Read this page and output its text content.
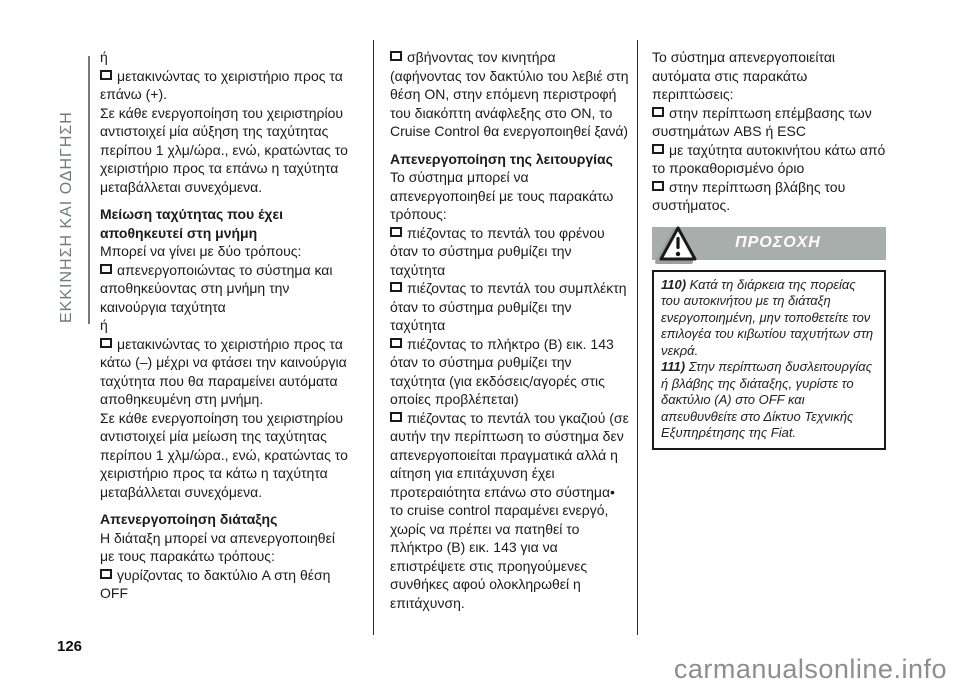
ΕΚΚΙΝΗΣΗ ΚΑΙ ΟΔΗΓΗΣΗ
126

ή

μετακινώντας το χειριστήριο προς τα επάνω (+).

Σε κάθε ενεργοποίηση του χειριστηρίου αντιστοιχεί μία αύξηση της ταχύτητας περίπου 1 χλμ/ώρα., ενώ, κρατώντας το χειριστήριο προς τα επάνω η ταχύτητα μεταβάλλεται συνεχόμενα.

Μείωση ταχύτητας που έχει αποθηκευτεί στη μνήμη

Μπορεί να γίνει με δύο τρόπους:

απενεργοποιώντας το σύστημα και αποθηκεύοντας στη μνήμη την καινούργια ταχύτητα

ή

μετακινώντας το χειριστήριο προς τα κάτω (–) μέχρι να φτάσει την καινούργια ταχύτητα που θα παραμείνει αυτόματα αποθηκευμένη στη μνήμη.

Σε κάθε ενεργοποίηση του χειριστηρίου αντιστοιχεί μία μείωση της ταχύτητας περίπου 1 χλμ/ώρα., ενώ, κρατώντας το χειριστήριο προς τα κάτω η ταχύτητα μεταβάλλεται συνεχόμενα.

Απενεργοποίηση διάταξης

Η διάταξη μπορεί να απενεργοποιηθεί με τους παρακάτω τρόπους:

γυρίζοντας το δακτύλιο A στη θέση OFF

σβήνοντας τον κινητήρα (αφήνοντας τον δακτύλιο του λεβιέ στη θέση ON, στην επόμενη περιστροφή του διακόπτη ανάφλεξης στο ON, το Cruise Control θα ενεργοποιηθεί ξανά)

Απενεργοποίηση της λειτουργίας

Το σύστημα μπορεί να απενεργοποιηθεί με τους παρακάτω τρόπους:

πιέζοντας το πεντάλ του φρένου όταν το σύστημα ρυθμίζει την ταχύτητα

πιέζοντας το πεντάλ του συμπλέκτη όταν το σύστημα ρυθμίζει την ταχύτητα

πιέζοντας το πλήκτρο (B) εικ. 143 όταν το σύστημα ρυθμίζει την ταχύτητα (για εκδόσεις/αγορές στις οποίες προβλέπεται)

πιέζοντας το πεντάλ του γκαζιού (σε αυτήν την περίπτωση το σύστημα δεν απενεργοποιείται πραγματικά αλλά η αίτηση για επιτάχυνση έχει προτεραιότητα επάνω στο σύστημα• το cruise control παραμένει ενεργό, χωρίς να πρέπει να πατηθεί το πλήκτρο (B) εικ. 143 για να επιστρέψετε στις προηγούμενες συνθήκες αφού ολοκληρωθεί η επιτάχυνση.

Το σύστημα απενεργοποιείται αυτόματα στις παρακάτω περιπτώσεις:

στην περίπτωση επέμβασης των συστημάτων ABS ή ESC

με ταχύτητα αυτοκινήτου κάτω από το προκαθορισμένο όριο

στην περίπτωση βλάβης του συστήματος.

ΠΡΟΣΟΧΗ

110) Κατά τη διάρκεια της πορείας του αυτοκινήτου με τη διάταξη ενεργοποιημένη, μην τοποθετείτε τον επιλογέα του κιβωτίου ταχυτήτων στη νεκρά.

111) Στην περίπτωση δυσλειτουργίας ή βλάβης της διάταξης, γυρίστε το δακτύλιο (A) στο OFF και απευθυνθείτε στο Δίκτυο Τεχνικής Εξυπηρέτησης της Fiat.

carmanualsonline.info
